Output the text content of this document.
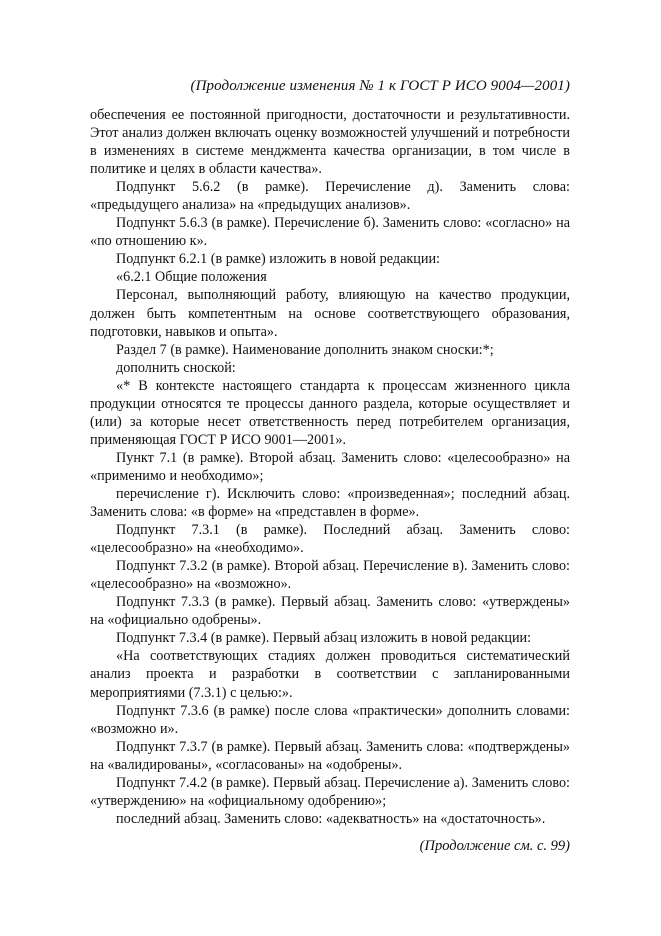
(Продолжение изменения № 1 к ГОСТ Р ИСО 9004—2001)

обеспечения ее постоянной пригодности, достаточности и результативности. Этот анализ должен включать оценку возможностей улучшений и потребности в изменениях в системе менджмента качества организации, в том числе в политике и целях в области качества».

Подпункт 5.6.2 (в рамке). Перечисление д). Заменить слова: «предыдущего анализа» на «предыдущих анализов».

Подпункт 5.6.3 (в рамке). Перечисление б). Заменить слово: «согласно» на «по отношению к».

Подпункт 6.2.1 (в рамке) изложить в новой редакции:

«6.2.1 Общие положения

Персонал, выполняющий работу, влияющую на качество продукции, должен быть компетентным на основе соответствующего образования, подготовки, навыков и опыта».

Раздел 7 (в рамке). Наименование дополнить знаком сноски:*;

дополнить сноской:

«* В контексте настоящего стандарта к процессам жизненного цикла продукции относятся те процессы данного раздела, которые осуществляет и (или) за которые несет ответственность перед потребителем организация, применяющая ГОСТ Р ИСО 9001—2001».

Пункт 7.1 (в рамке). Второй абзац. Заменить слово: «целесообразно» на «применимо и необходимо»;

перечисление г). Исключить слово: «произведенная»; последний абзац. Заменить слова: «в форме» на «представлен в форме».

Подпункт 7.3.1 (в рамке). Последний абзац. Заменить слово: «целесообразно» на «необходимо».

Подпункт 7.3.2 (в рамке). Второй абзац. Перечисление в). Заменить слово: «целесообразно» на «возможно».

Подпункт 7.3.3 (в рамке). Первый абзац. Заменить слово: «утверждены» на «официально одобрены».

Подпункт 7.3.4 (в рамке). Первый абзац изложить в новой редакции:

«На соответствующих стадиях должен проводиться систематический анализ проекта и разработки в соответствии с запланированными мероприятиями (7.3.1) с целью:».

Подпункт 7.3.6 (в рамке) после слова «практически» дополнить словами: «возможно и».

Подпункт 7.3.7 (в рамке). Первый абзац. Заменить слова: «подтверждены» на «валидированы», «согласованы» на «одобрены».

Подпункт 7.4.2 (в рамке). Первый абзац. Перечисление а). Заменить слово: «утверждению» на «официальному одобрению»;

последний абзац. Заменить слово: «адекватность» на «достаточность».

(Продолжение см. с. 99)
